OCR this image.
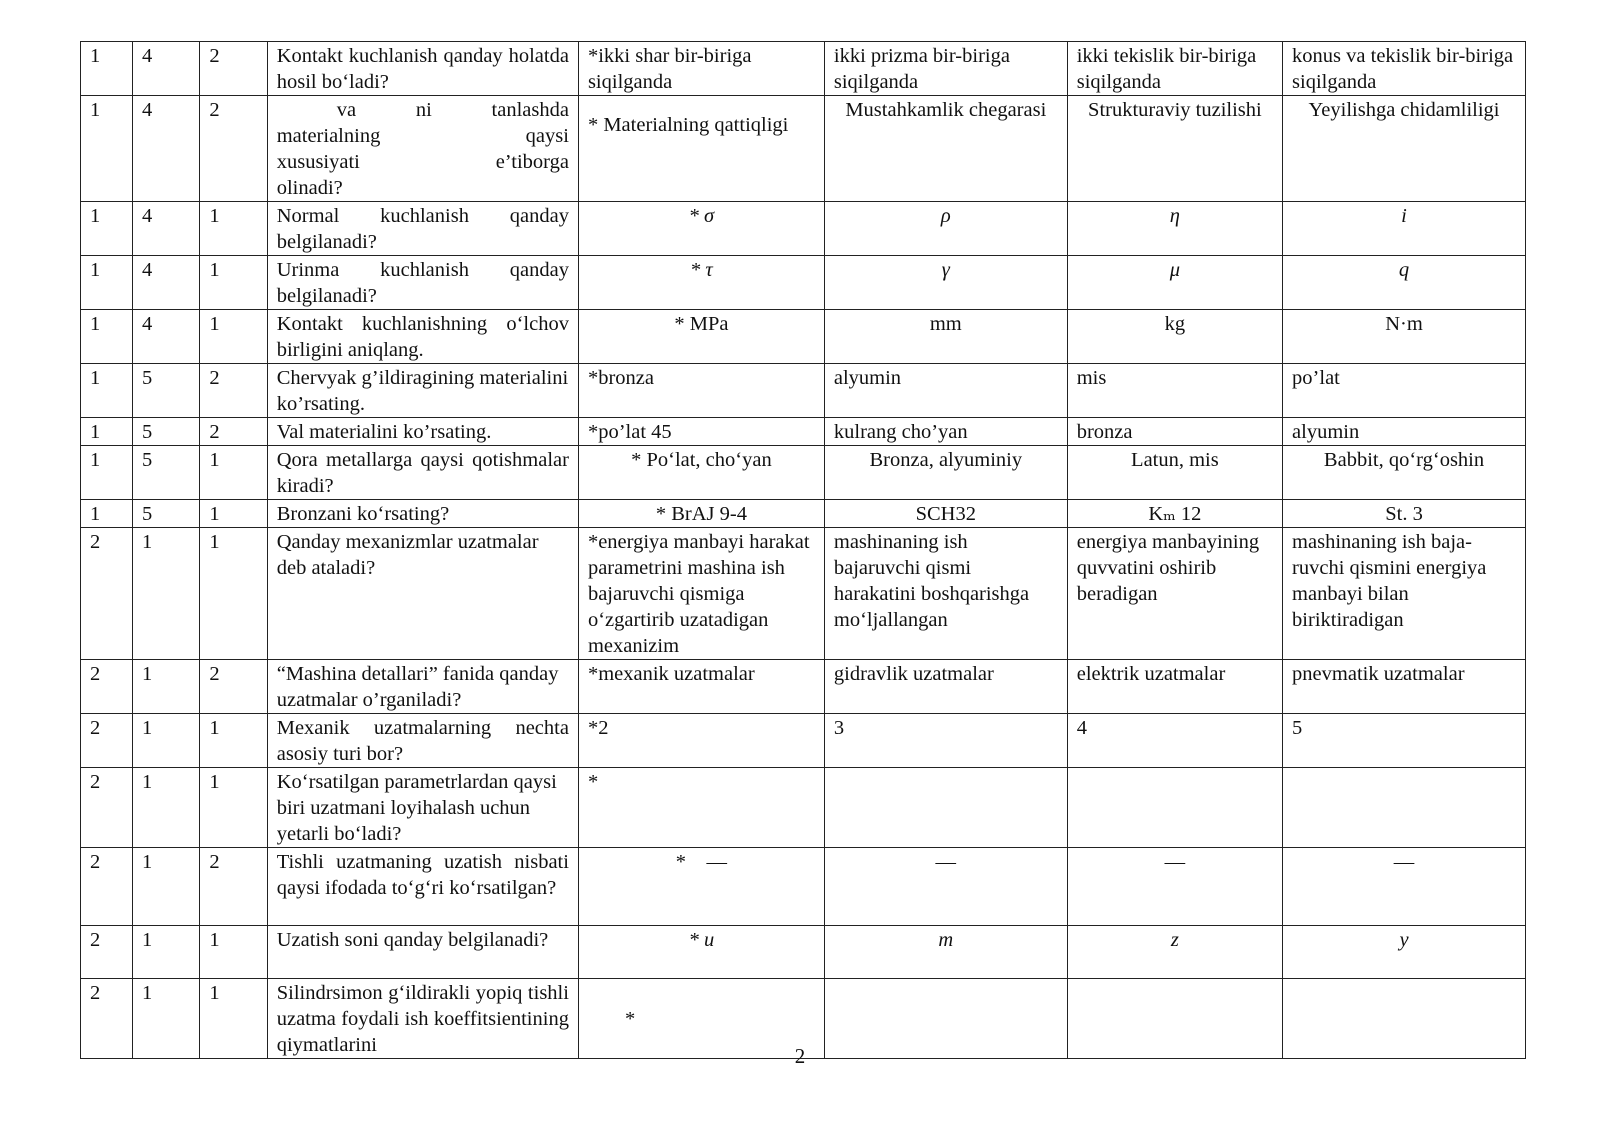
1	4	2	Kontakt kuchlanish qanday holatda hosil bo‘ladi?	*ikki shar bir-biriga siqilganda	ikki prizma bir-biriga siqilganda	ikki tekislik bir-biriga siqilganda	konus va tekislik bir-biriga siqilganda
1	4	2	va ni tanlashda materialning qaysi xususiyati e’tiborga olinadi?	* Materialning qattiqligi	Mustahkamlik chegarasi	Strukturaviy tuzilishi	Yeyilishga chidamliligi
1	4	1	Normal kuchlanish qanday belgilanadi?	* σ	ρ	η	i
1	4	1	Urinma kuchlanish qanday belgilanadi?	* τ	γ	μ	q
1	4	1	Kontakt kuchlanishning o‘lchov birligini aniqlang.	* MPa	mm	kg	N·m
1	5	2	Chervyak g’ildiragining materialini ko’rsating.	*bronza	alyumin	mis	po’lat
1	5	2	Val materialini ko’rsating.	*po’lat 45	kulrang cho’yan	bronza	alyumin
1	5	1	Qora metallarga qaysi qotishmalar kiradi?	* Po‘lat, cho‘yan	Bronza, alyuminiy	Latun, mis	Babbit, qo‘rg‘oshin
1	5	1	Bronzani ko‘rsating?	* BrAJ 9-4	SCH32	Kₘ 12	St. 3
2	1	1	Qanday mexanizmlar uzatmalar deb ataladi?	*energiya manbayi harakat parametrini mashina ish bajaruvchi qismiga o‘zgartirib uzatadigan mexanizim	mashinaning ish bajaruvchi qismi harakatini boshqarishga mo‘ljallangan	energiya manbayining quvvatini oshirib beradigan	mashinaning ish baja-ruvchi qismini energiya manbayi bilan biriktiradigan
2	1	2	“Mashina detallari” fanida qanday uzatmalar o’rganiladi?	*mexanik uzatmalar	gidravlik uzatmalar	elektrik uzatmalar	pnevmatik uzatmalar
2	1	1	Mexanik uzatmalarning nechta asosiy turi bor?	*2	3	4	5
2	1	1	Ko‘rsatilgan parametrlardan qaysi biri uzatmani loyihalash uchun yetarli bo‘ladi?	*			
2	1	2	Tishli uzatmaning uzatish nisbati qaysi ifodada to‘g‘ri ko‘rsatilgan?	*    —	—	—	—
2	1	1	Uzatish soni qanday belgilanadi?	* u	m	z	y
2	1	1	Silindrsimon g‘ildirakli yopiq tishli uzatma foydali ish koeffitsientining qiymatlarini	*			
2
